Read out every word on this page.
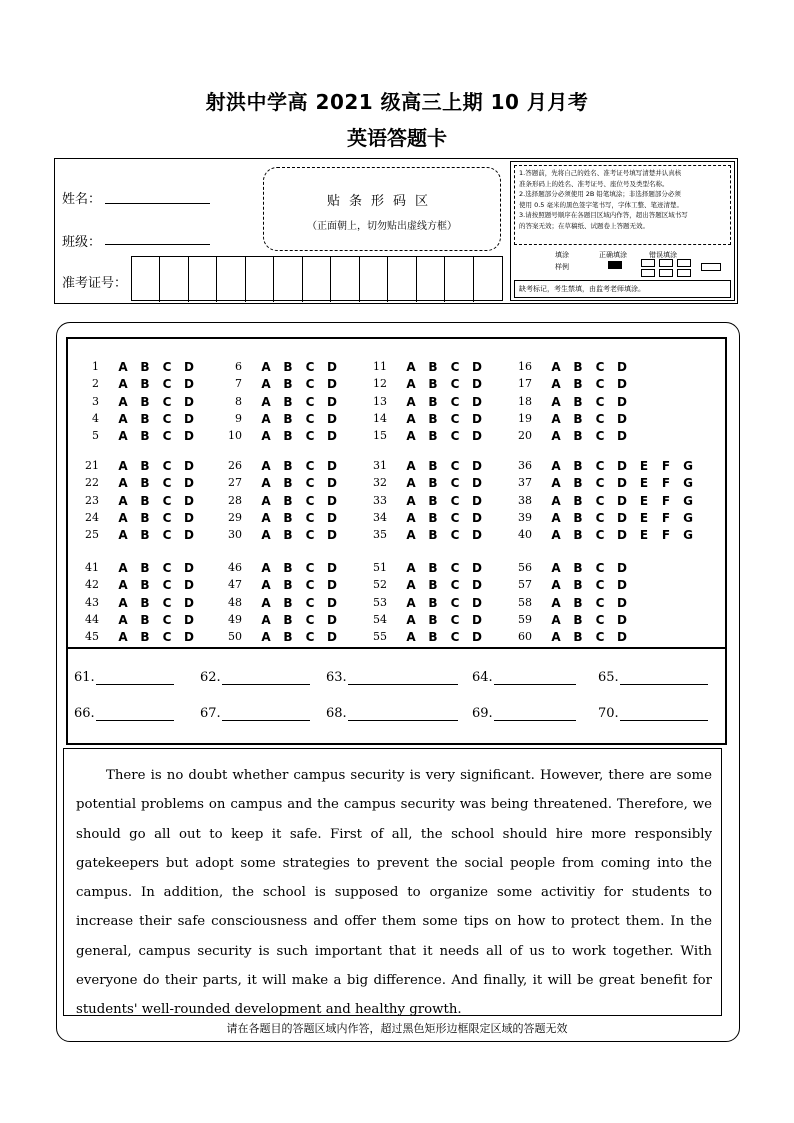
射洪中学高 2021 级高三上期 10 月月考
英语答题卡
姓名：
班级：
准考证号：
贴条形码区
（正面朝上，切勿贴出虚线方框）
1.答题前，先将自己的姓名、准考证号填写清楚并认真核
准条形码上的姓名、准考证号、座位号及类型名称。
2.选择题部分必须使用 2B 铅笔填涂；非选择题部分必须
使用 0.5 毫米的黑色签字笔书写，字体工整、笔迹清楚。
3.请按照题号顺序在各题目区域内作答，超出答题区域书写
的答案无效；在草稿纸、试题卷上答题无效。
填涂
样例
正确填涂	错误填涂
缺考标记，考生禁填，由监考老师填涂。
1 A B C D
2 A B C D
3 A B C D
4 A B C D
5 A B C D
6 A B C D
7 A B C D
8 A B C D
9 A B C D
10 A B C D
11 A B C D
12 A B C D
13 A B C D
14 A B C D
15 A B C D
16 A B C D
17 A B C D
18 A B C D
19 A B C D
20 A B C D
21 A B C D
22 A B C D
23 A B C D
24 A B C D
25 A B C D
26 A B C D
27 A B C D
28 A B C D
29 A B C D
30 A B C D
31 A B C D
32 A B C D
33 A B C D
34 A B C D
35 A B C D
36 A B C D	E	F	G
37 A B C D	E	F	G
38 A B C D	E	F	G
39 A B C D	E	F	G
40 A B C D	E	F	G
41 A B C D
42 A B C D
43 A B C D
44 A B C D
45 A B C D
46 A B C D
47 A B C D
48 A B C D
49 A B C D
50 A B C D
51 A B C D
52 A B C D
53 A B C D
54 A B C D
55 A B C D
56 A B C D
57 A B C D
58 A B C D
59 A B C D
60 A B C D
61.	62.	63.	64.	65.
66.	67.	68.	69.	70.
There is no doubt whether campus security is very significant. However, there are some potential problems on campus and the campus security was being threatened. Therefore, we should go all out to keep it safe. First of all, the school should hire more responsibly gatekeepers but adopt some strategies to prevent the social people from coming into the campus. In addition, the school is supposed to organize some activitiy for students to increase their safe consciousness and offer them some tips on how to protect them. In the general, campus security is such important that it needs all of us to work together. With everyone do their parts, it will make a big difference. And finally, it will be great benefit for students' well-rounded development and healthy growth.
请在各题目的答题区域内作答，超过黑色矩形边框限定区域的答题无效
